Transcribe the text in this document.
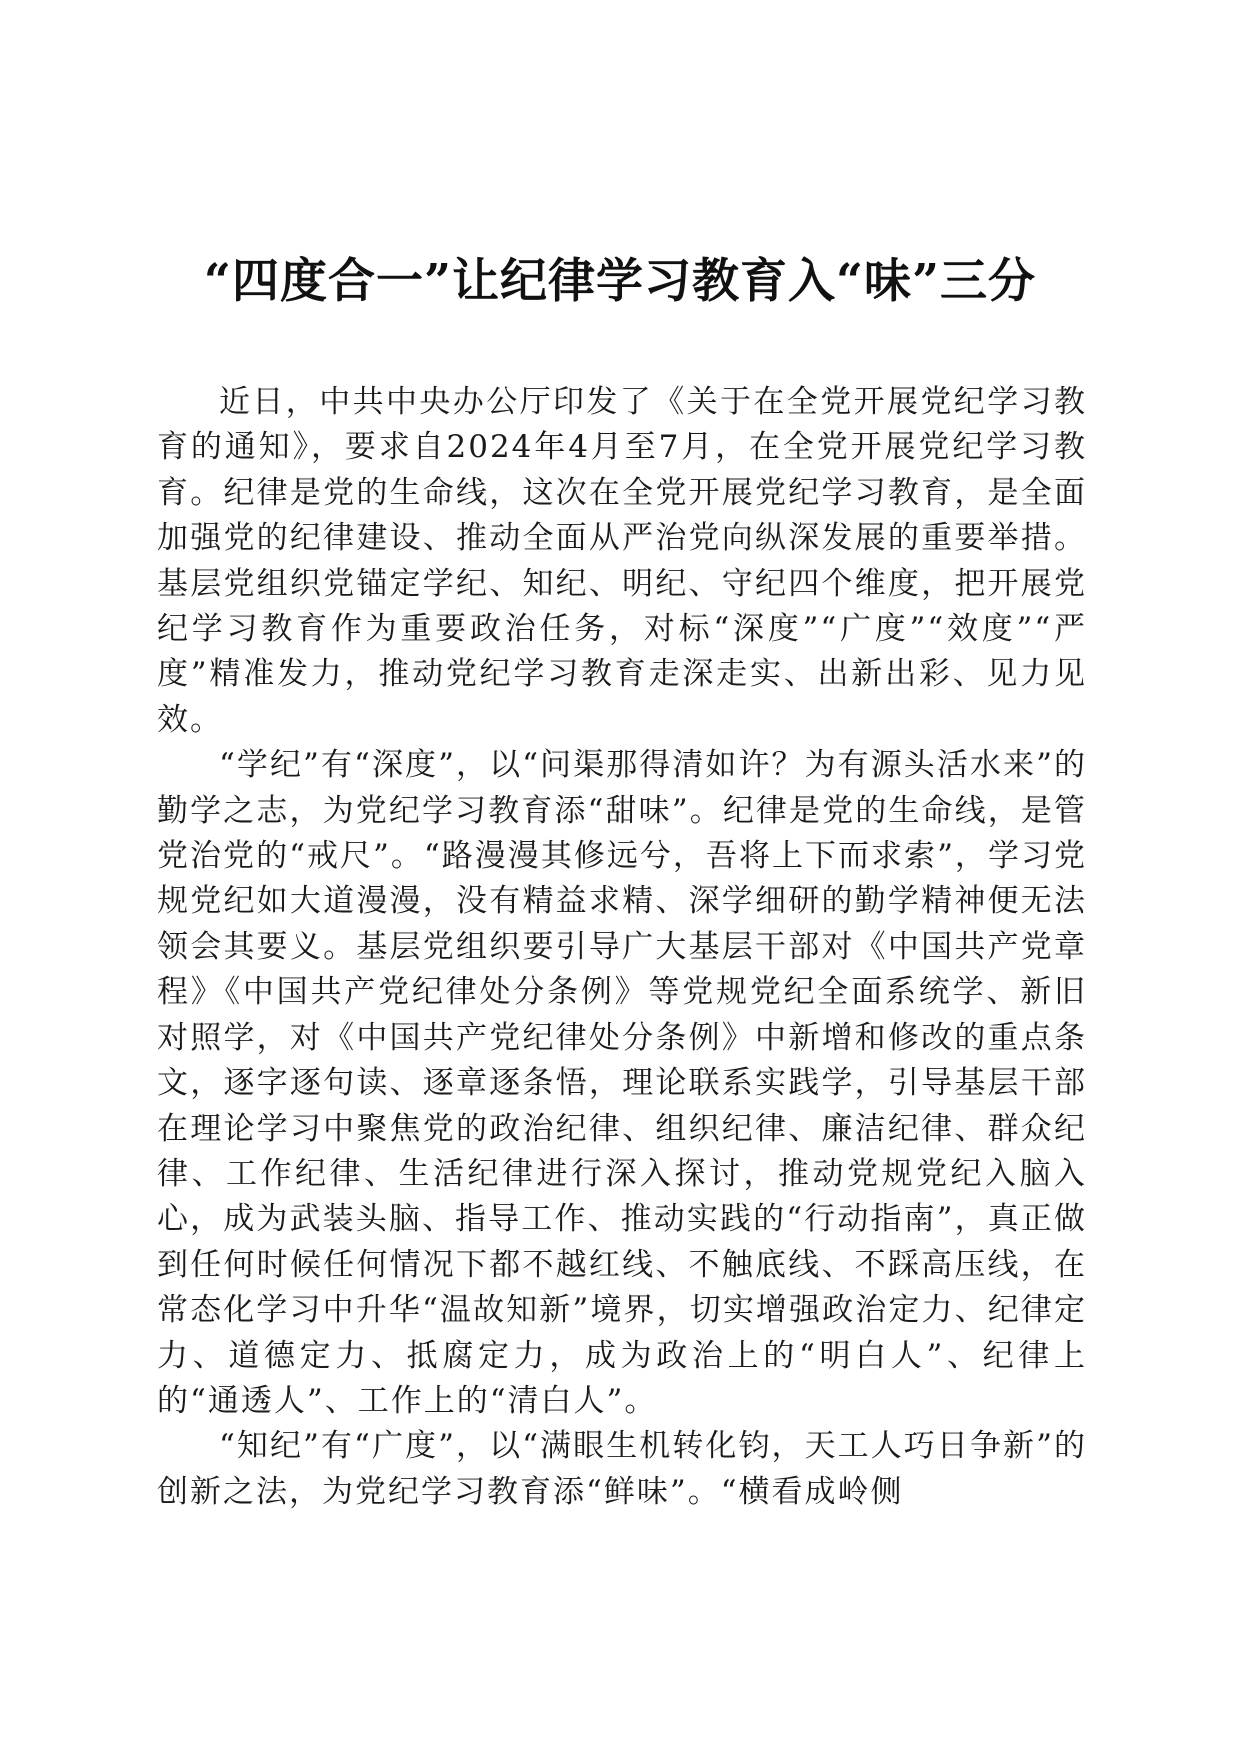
“四度合一”让纪律学习教育入“味”三分

近日，中共中央办公厅印发了《关于在全党开展党纪学习教育的通知》，要求自2024年4月至7月，在全党开展党纪学习教育。纪律是党的生命线，这次在全党开展党纪学习教育，是全面加强党的纪律建设、推动全面从严治党向纵深发展的重要举措。基层党组织党锚定学纪、知纪、明纪、守纪四个维度，把开展党纪学习教育作为重要政治任务，对标“深度”“广度”“效度”“严度”精准发力，推动党纪学习教育走深走实、出新出彩、见力见效。

“学纪”有“深度”，以“问渠那得清如许？为有源头活水来”的勤学之志，为党纪学习教育添“甜味”。纪律是党的生命线，是管党治党的“戒尺”。“路漫漫其修远兮，吾将上下而求索”，学习党规党纪如大道漫漫，没有精益求精、深学细研的勤学精神便无法领会其要义。基层党组织要引导广大基层干部对《中国共产党章程》《中国共产党纪律处分条例》等党规党纪全面系统学、新旧对照学，对《中国共产党纪律处分条例》中新增和修改的重点条文，逐字逐句读、逐章逐条悟，理论联系实践学，引导基层干部在理论学习中聚焦党的政治纪律、组织纪律、廉洁纪律、群众纪律、工作纪律、生活纪律进行深入探讨，推动党规党纪入脑入心，成为武装头脑、指导工作、推动实践的“行动指南”，真正做到任何时候任何情况下都不越红线、不触底线、不踩高压线，在常态化学习中升华“温故知新”境界，切实增强政治定力、纪律定力、道德定力、抵腐定力，成为政治上的“明白人”、纪律上的“通透人”、工作上的“清白人”。

“知纪”有“广度”，以“满眼生机转化钧，天工人巧日争新”的创新之法，为党纪学习教育添“鲜味”。“横看成岭侧
